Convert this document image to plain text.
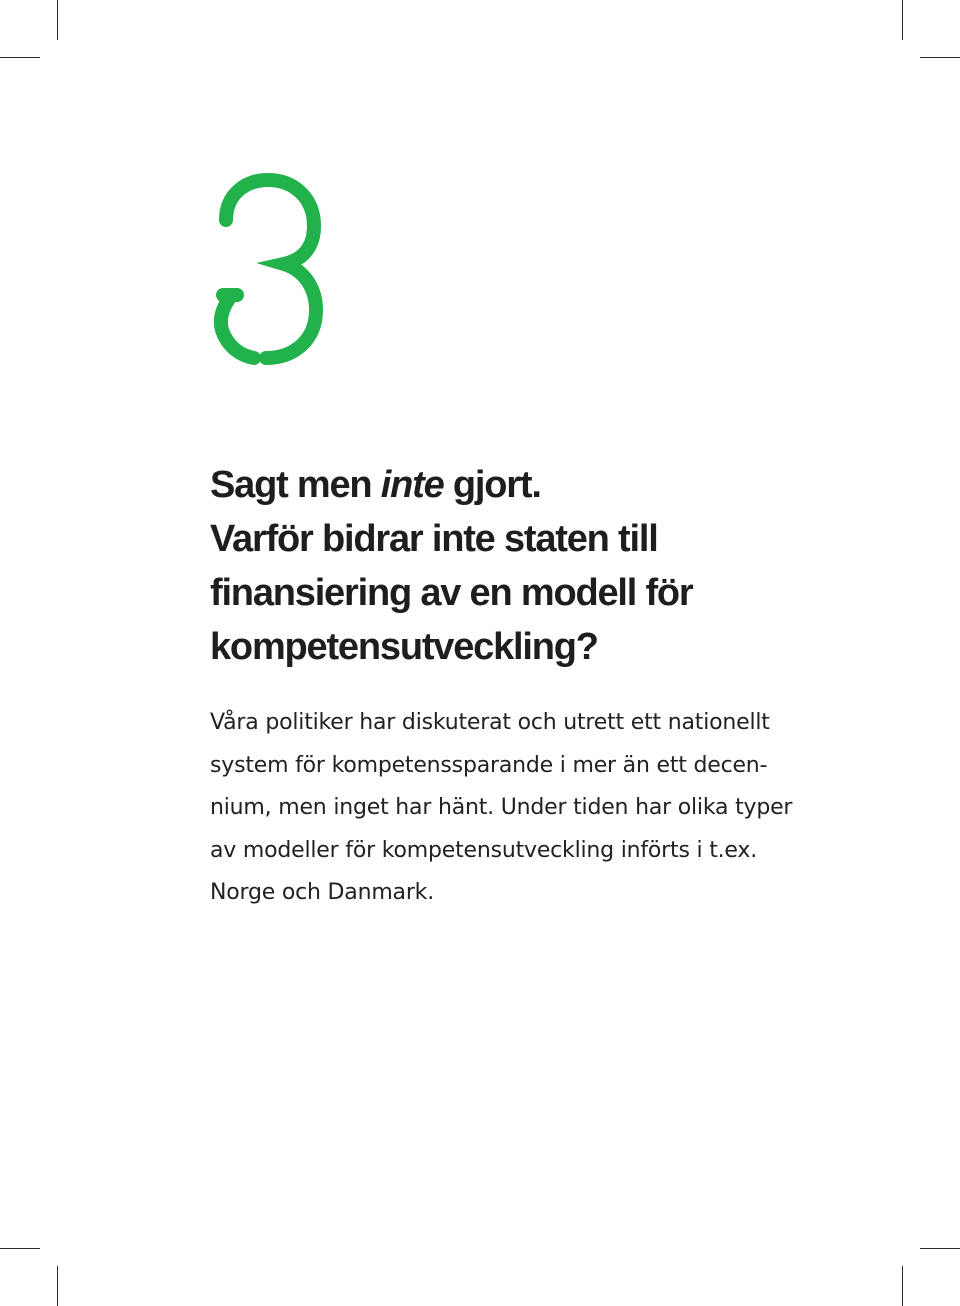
Sagt men inte gjort.
Varför bidrar inte staten till
finansiering av en modell för
kompetensutveckling?

Våra politiker har diskuterat och utrett ett nationellt
system för kompetenssparande i mer än ett decen-
nium, men inget har hänt. Under tiden har olika typer
av modeller för kompetensutveckling införts i t.ex.
Norge och Danmark.
